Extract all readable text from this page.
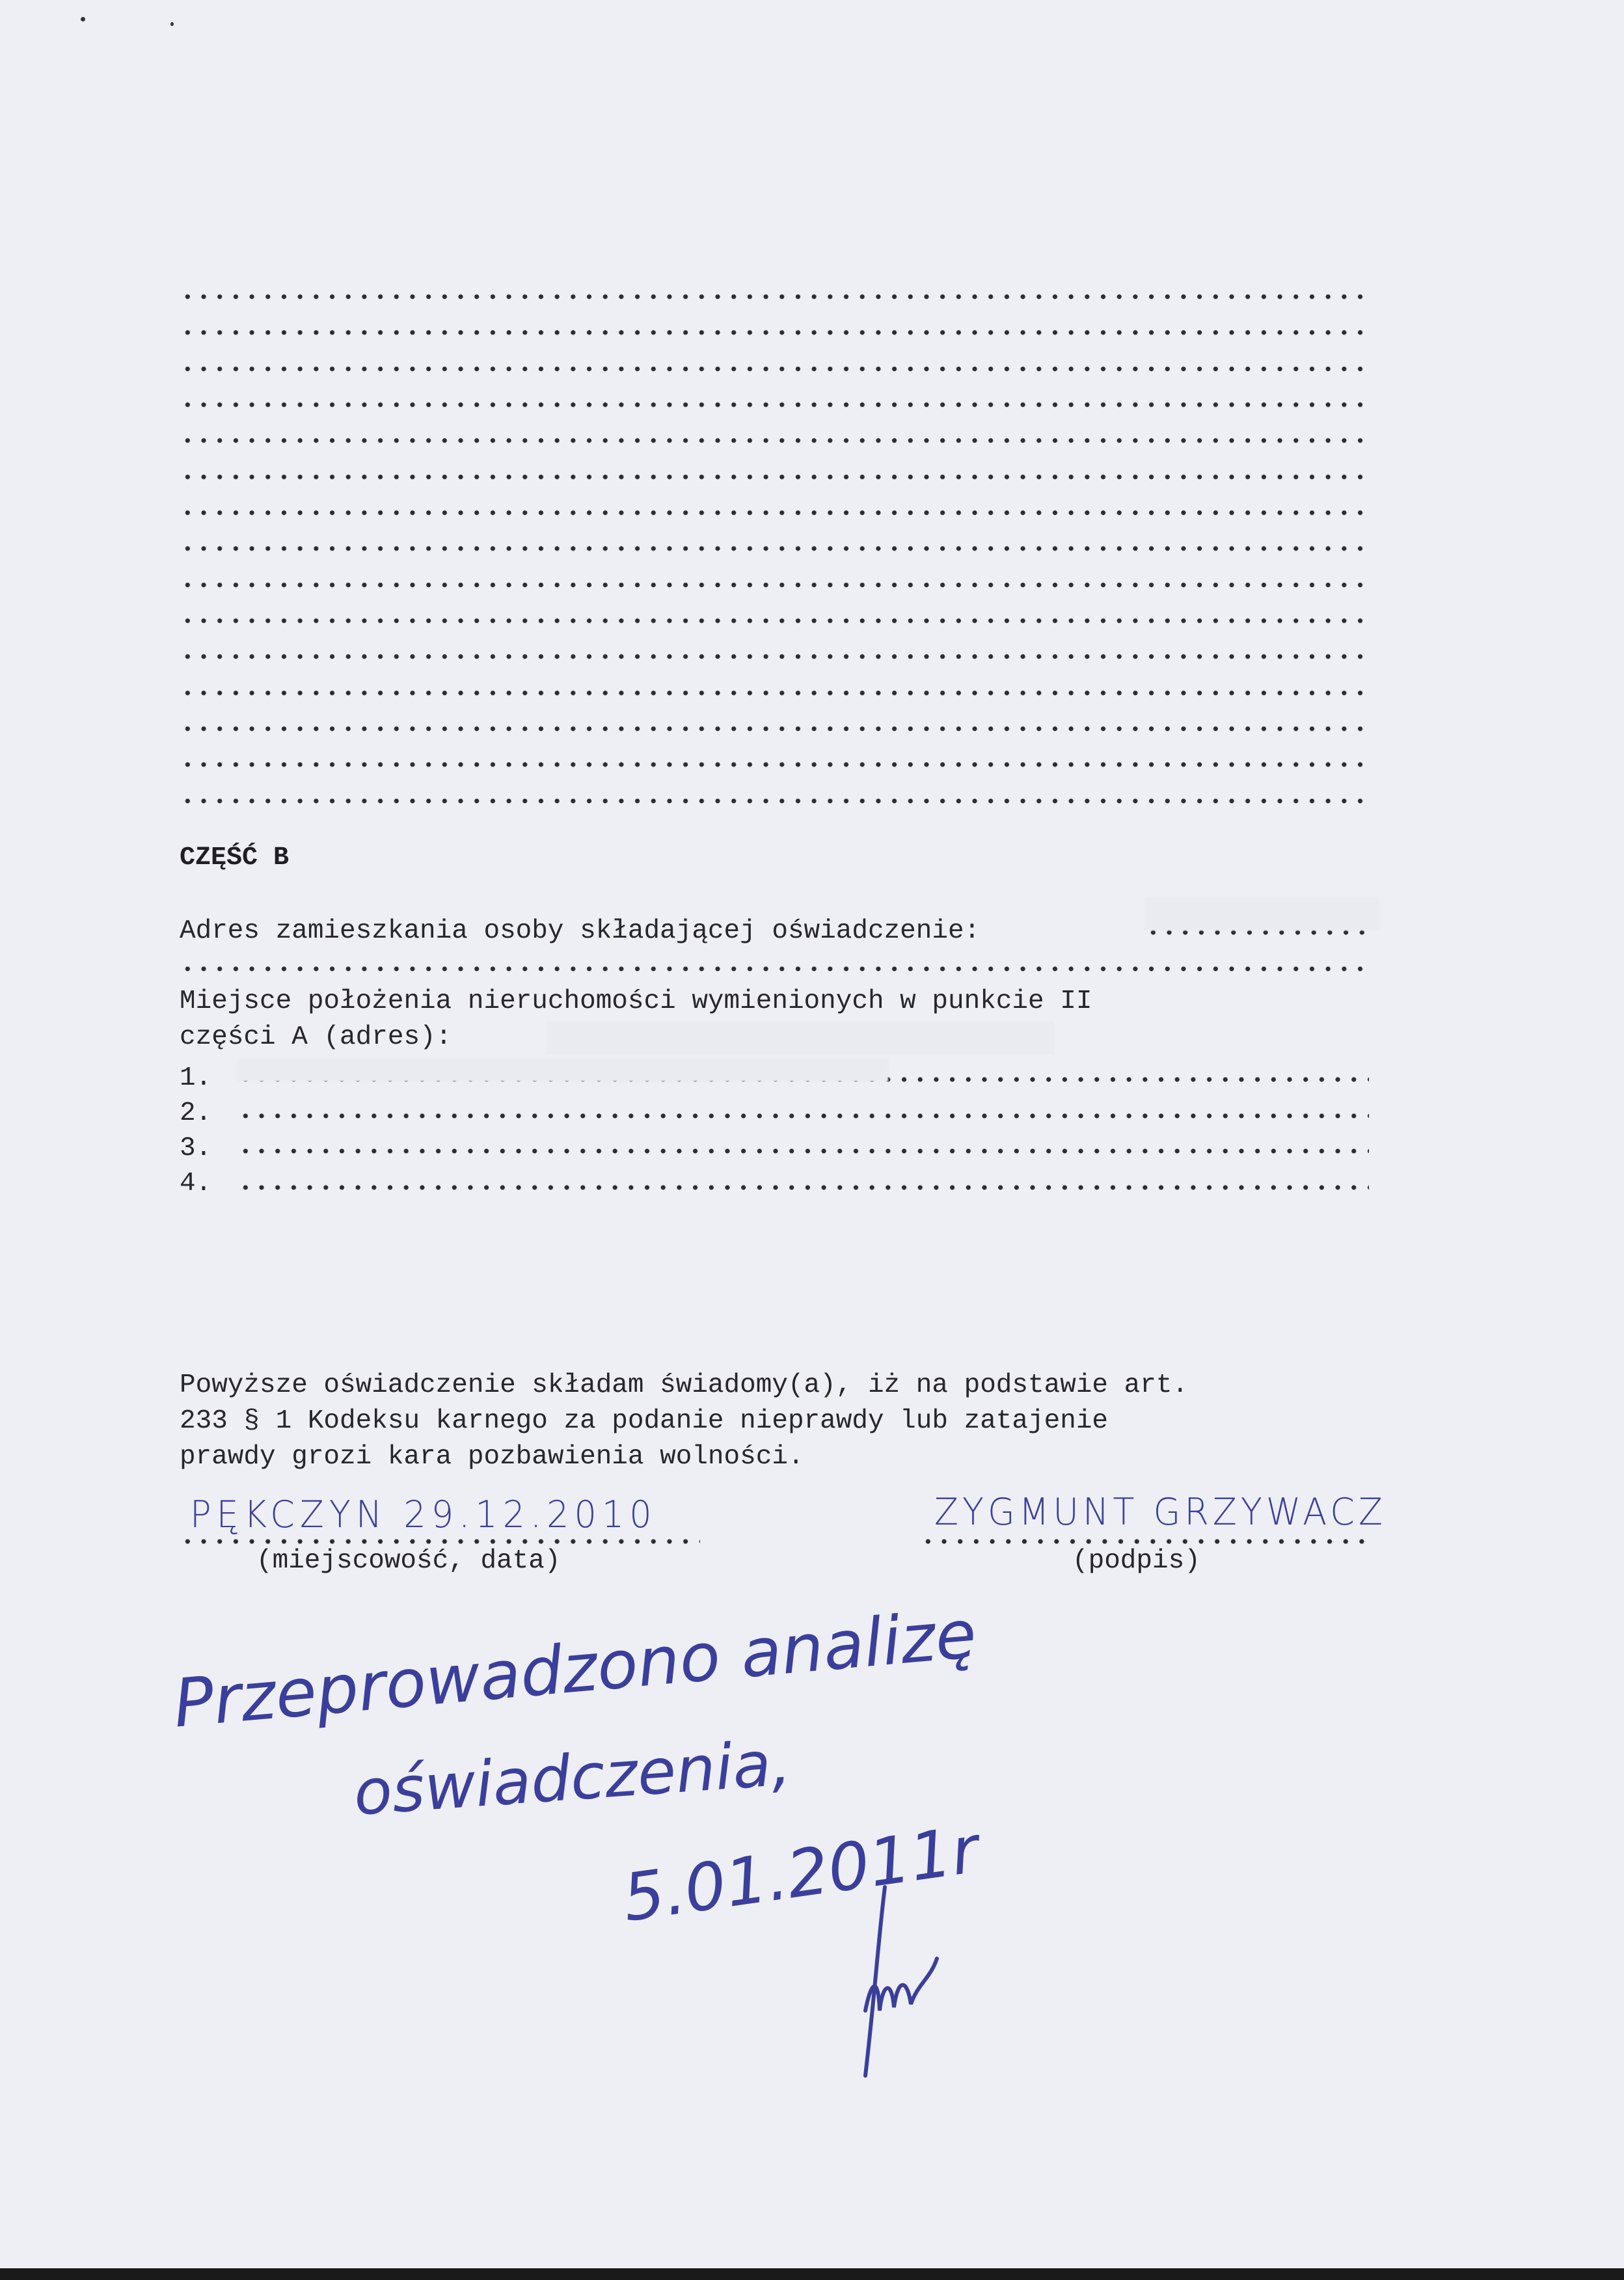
CZĘŚĆ B
Adres zamieszkania osoby składającej oświadczenie:
Miejsce położenia nieruchomości wymienionych w punkcie II
części A (adres):
1.
2.
3.
4.
Powyższe oświadczenie składam świadomy(a), iż na podstawie art.
233 § 1 Kodeksu karnego za podanie nieprawdy lub zatajenie
prawdy grozi kara pozbawienia wolności.
PĘKCZYN 29.12.2010	ZYGMUNT GRZYWACZ
(miejscowość, data)	(podpis)
Przeprowadzono analizę
oświadczenia,
5.01.2011r
